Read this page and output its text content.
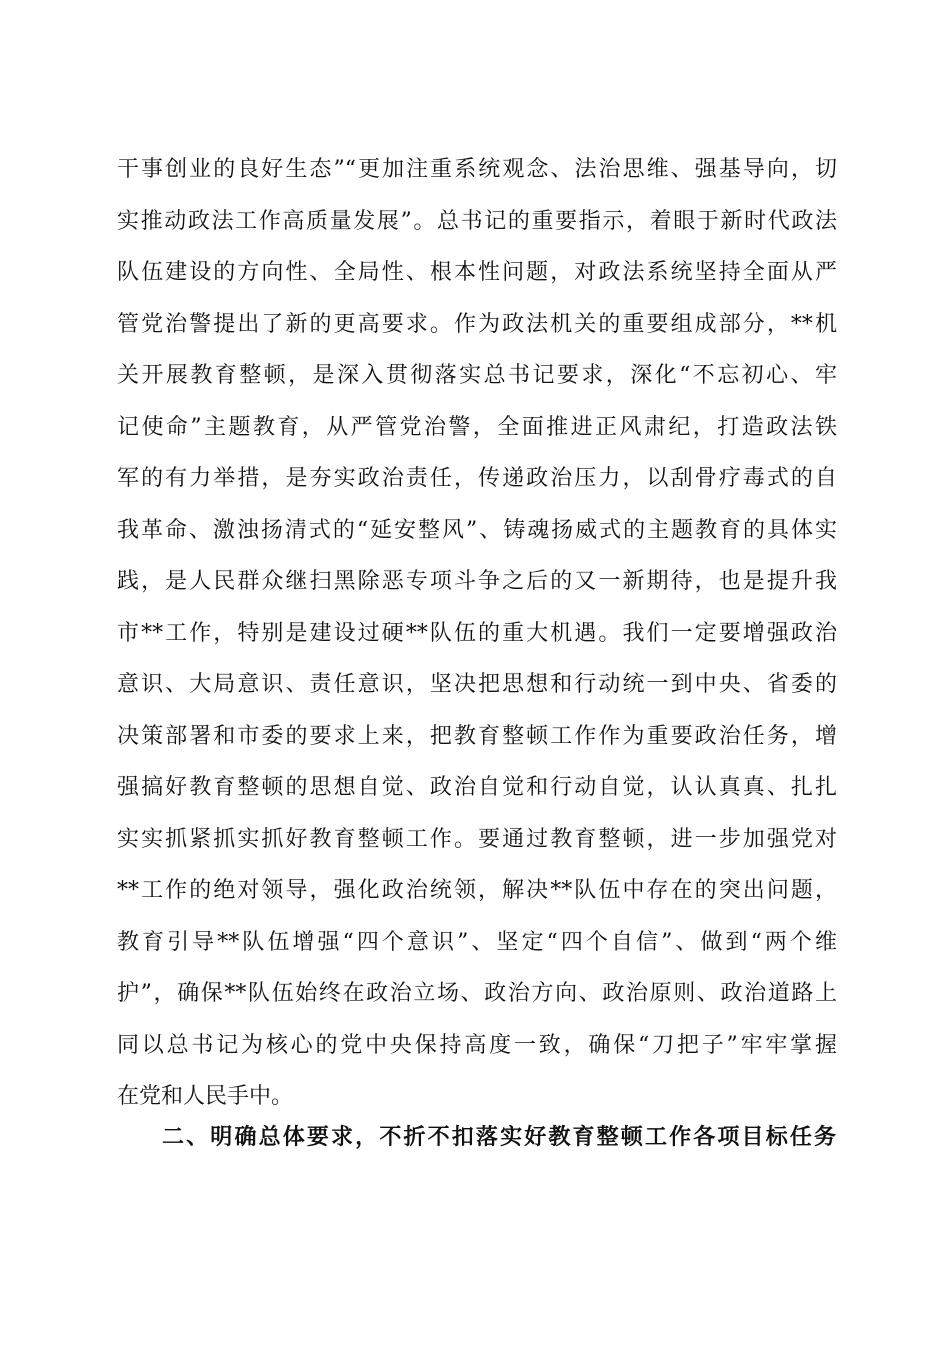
干事创业的良好生态”“更加注重系统观念、法治思维、强基导向，切
实推动政法工作高质量发展”。总书记的重要指示，着眼于新时代政法
队伍建设的方向性、全局性、根本性问题，对政法系统坚持全面从严
管党治警提出了新的更高要求。作为政法机关的重要组成部分，**机
关开展教育整顿，是深入贯彻落实总书记要求，深化“不忘初心、牢
记使命”主题教育，从严管党治警，全面推进正风肃纪，打造政法铁
军的有力举措，是夯实政治责任，传递政治压力，以刮骨疗毒式的自
我革命、激浊扬清式的“延安整风”、铸魂扬威式的主题教育的具体实
践，是人民群众继扫黑除恶专项斗争之后的又一新期待，也是提升我
市**工作，特别是建设过硬**队伍的重大机遇。我们一定要增强政治
意识、大局意识、责任意识，坚决把思想和行动统一到中央、省委的
决策部署和市委的要求上来，把教育整顿工作作为重要政治任务，增
强搞好教育整顿的思想自觉、政治自觉和行动自觉，认认真真、扎扎
实实抓紧抓实抓好教育整顿工作。要通过教育整顿，进一步加强党对
**工作的绝对领导，强化政治统领，解决**队伍中存在的突出问题，
教育引导**队伍增强“四个意识”、坚定“四个自信”、做到“两个维
护”，确保**队伍始终在政治立场、政治方向、政治原则、政治道路上
同以总书记为核心的党中央保持高度一致，确保“刀把子”牢牢掌握
在党和人民手中。
二、明确总体要求，不折不扣落实好教育整顿工作各项目标任务
